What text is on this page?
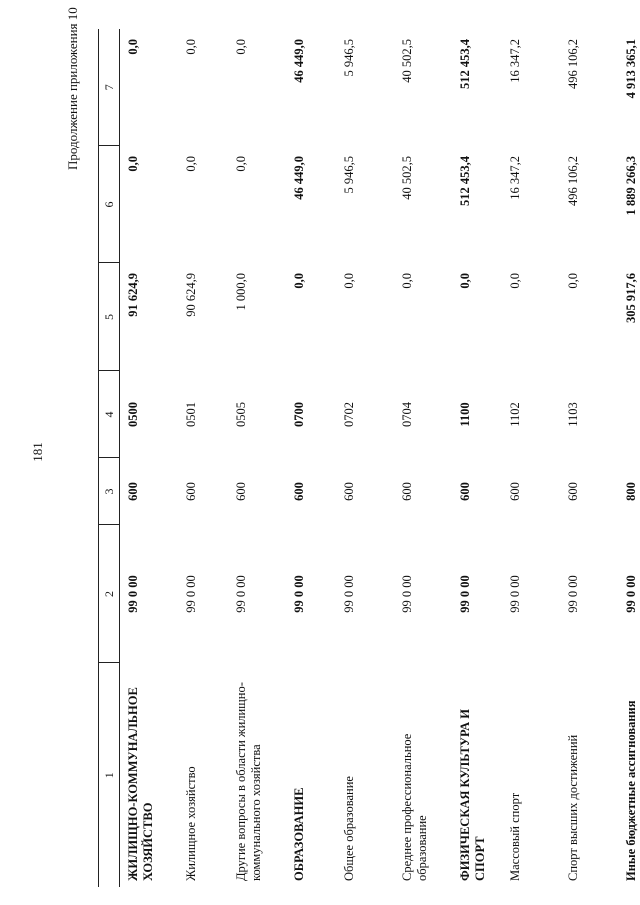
181
Продолжение приложения 10
1	2	3	4	5	6	7
ЖИЛИЩНО-КОММУНАЛЬНОЕ ХОЗЯЙСТВО	99 0 00	600	0500	91 624,9	0,0	0,0
Жилищное хозяйство	99 0 00	600	0501	90 624,9	0,0	0,0
Другие вопросы в области жилищно-коммунального хозяйства	99 0 00	600	0505	1 000,0	0,0	0,0
ОБРАЗОВАНИЕ	99 0 00	600	0700	0,0	46 449,0	46 449,0
Общее образование	99 0 00	600	0702	0,0	5 946,5	5 946,5
Среднее профессиональное образование	99 0 00	600	0704	0,0	40 502,5	40 502,5
ФИЗИЧЕСКАЯ КУЛЬТУРА И СПОРТ	99 0 00	600	1100	0,0	512 453,4	512 453,4
Массовый спорт	99 0 00	600	1102	0,0	16 347,2	16 347,2
Спорт высших достижений	99 0 00	600	1103	0,0	496 106,2	496 106,2
Иные бюджетные ассигнования	99 0 00	800		305 917,6	1 889 266,3	4 913 365,1
